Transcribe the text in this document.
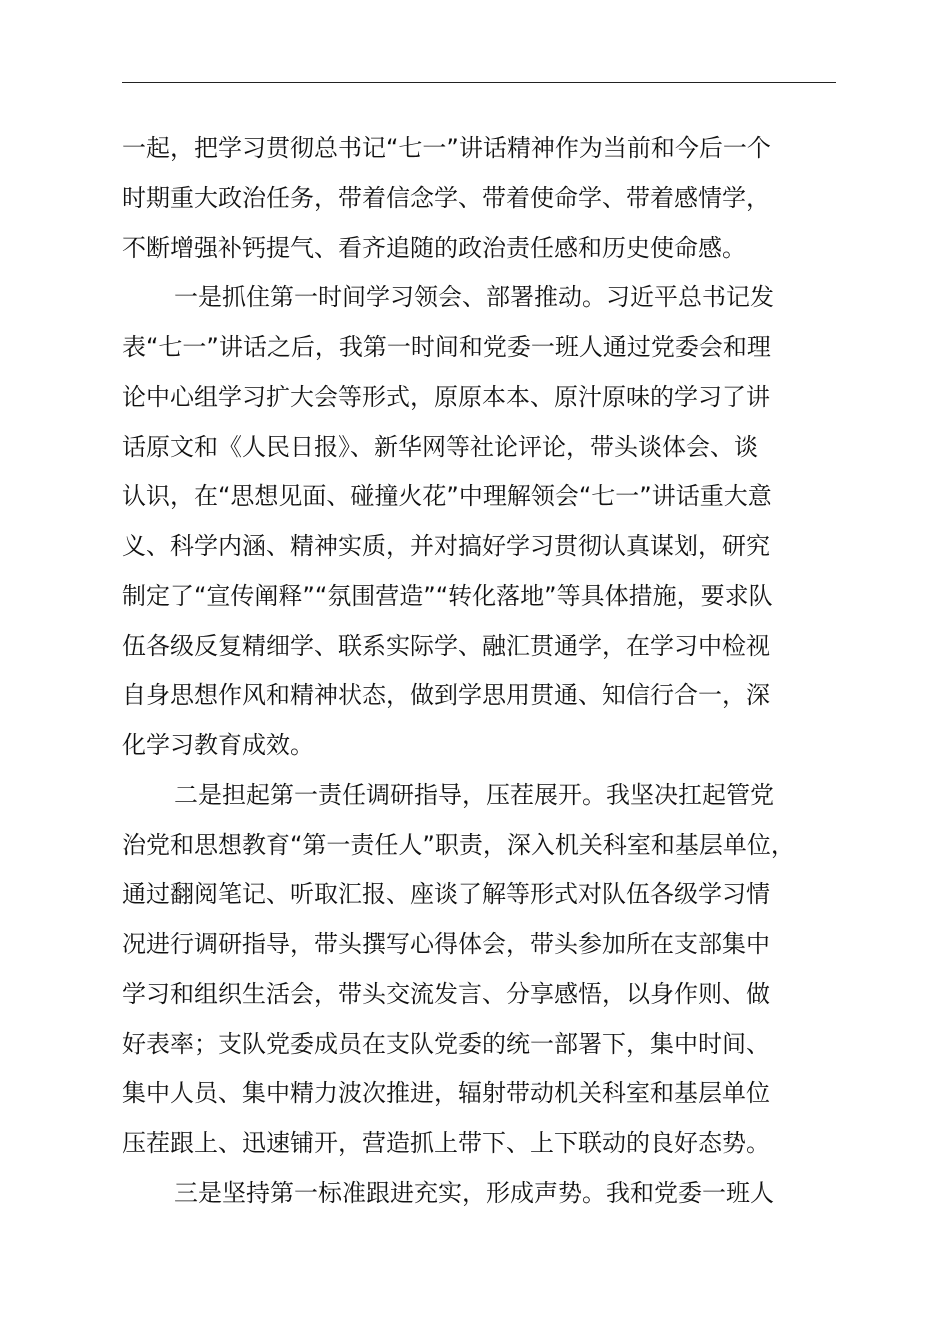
一起，把学习贯彻总书记“七一”讲话精神作为当前和今后一个
时期重大政治任务，带着信念学、带着使命学、带着感情学，
不断增强补钙提气、看齐追随的政治责任感和历史使命感。
一是抓住第一时间学习领会、部署推动。习近平总书记发
表“七一”讲话之后，我第一时间和党委一班人通过党委会和理
论中心组学习扩大会等形式，原原本本、原汁原味的学习了讲
话原文和《人民日报》、新华网等社论评论，带头谈体会、谈
认识，在“思想见面、碰撞火花”中理解领会“七一”讲话重大意
义、科学内涵、精神实质，并对搞好学习贯彻认真谋划，研究
制定了“宣传阐释”“氛围营造”“转化落地”等具体措施，要求队
伍各级反复精细学、联系实际学、融汇贯通学，在学习中检视
自身思想作风和精神状态，做到学思用贯通、知信行合一，深
化学习教育成效。
二是担起第一责任调研指导，压茬展开。我坚决扛起管党
治党和思想教育“第一责任人”职责，深入机关科室和基层单位，
通过翻阅笔记、听取汇报、座谈了解等形式对队伍各级学习情
况进行调研指导，带头撰写心得体会，带头参加所在支部集中
学习和组织生活会，带头交流发言、分享感悟，以身作则、做
好表率；支队党委成员在支队党委的统一部署下，集中时间、
集中人员、集中精力波次推进，辐射带动机关科室和基层单位
压茬跟上、迅速铺开，营造抓上带下、上下联动的良好态势。
三是坚持第一标准跟进充实，形成声势。我和党委一班人
